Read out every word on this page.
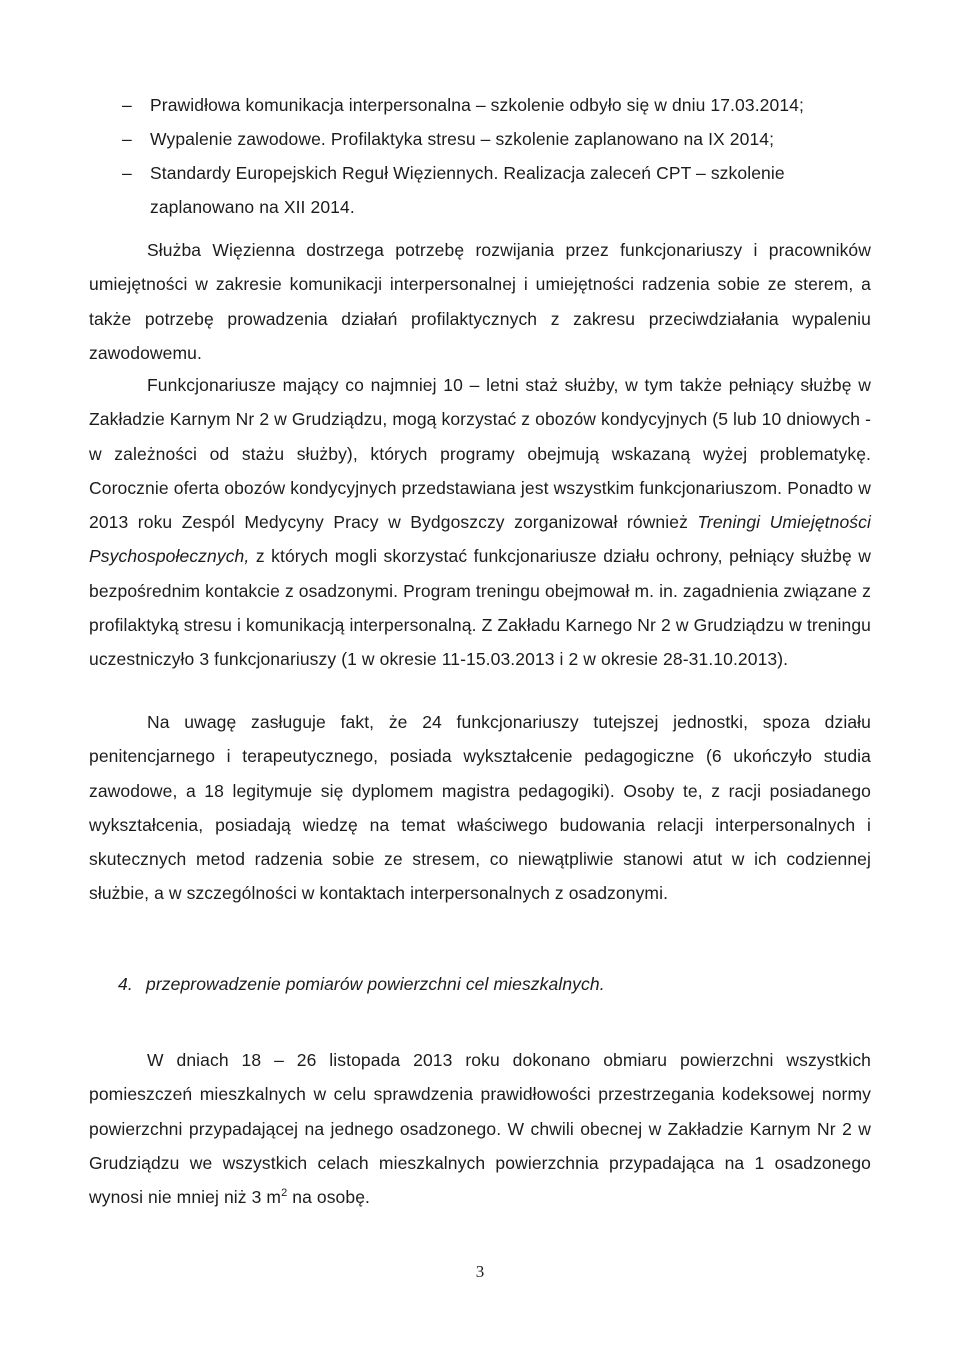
– Prawidłowa komunikacja interpersonalna – szkolenie odbyło się w dniu 17.03.2014;
– Wypalenie zawodowe. Profilaktyka stresu – szkolenie zaplanowano na IX 2014;
– Standardy Europejskich Reguł Więziennych. Realizacja zaleceń CPT – szkolenie zaplanowano na XII 2014.

Służba Więzienna dostrzega potrzebę rozwijania przez funkcjonariuszy i pracowników umiejętności w zakresie komunikacji interpersonalnej i umiejętności radzenia sobie ze sterem, a także potrzebę prowadzenia działań profilaktycznych z zakresu przeciwdziałania wypaleniu zawodowemu.

Funkcjonariusze mający co najmniej 10 – letni staż służby, w tym także pełniący służbę w Zakładzie Karnym Nr 2 w Grudziądzu, mogą korzystać z obozów kondycyjnych (5 lub 10 dniowych - w zależności od stażu służby), których programy obejmują wskazaną wyżej problematykę. Corocznie oferta obozów kondycyjnych przedstawiana jest wszystkim funkcjonariuszom. Ponadto w 2013 roku Zespól Medycyny Pracy w Bydgoszczy zorganizował również Treningi Umiejętności Psychospołecznych, z których mogli skorzystać funkcjonariusze działu ochrony, pełniący służbę w bezpośrednim kontakcie z osadzonymi. Program treningu obejmował m. in. zagadnienia związane z profilaktyką stresu i komunikacją interpersonalną. Z Zakładu Karnego Nr 2 w Grudziądzu w treningu uczestniczyło 3 funkcjonariuszy (1 w okresie 11-15.03.2013 i 2 w okresie 28-31.10.2013).

Na uwagę zasługuje fakt, że 24 funkcjonariuszy tutejszej jednostki, spoza działu penitencjarnego i terapeutycznego, posiada wykształcenie pedagogiczne (6 ukończyło studia zawodowe, a 18 legitymuje się dyplomem magistra pedagogiki). Osoby te, z racji posiadanego wykształcenia, posiadają wiedzę na temat właściwego budowania relacji interpersonalnych i skutecznych metod radzenia sobie ze stresem, co niewątpliwie stanowi atut w ich codziennej służbie, a w szczególności w kontaktach interpersonalnych z osadzonymi.

4. przeprowadzenie pomiarów powierzchni cel mieszkalnych.

W dniach 18 – 26 listopada 2013 roku dokonano obmiaru powierzchni wszystkich pomieszczeń mieszkalnych w celu sprawdzenia prawidłowości przestrzegania kodeksowej normy powierzchni przypadającej na jednego osadzonego. W chwili obecnej w Zakładzie Karnym Nr 2 w Grudziądzu we wszystkich celach mieszkalnych powierzchnia przypadająca na 1 osadzonego wynosi nie mniej niż 3 $m^2$ na osobę.

3
